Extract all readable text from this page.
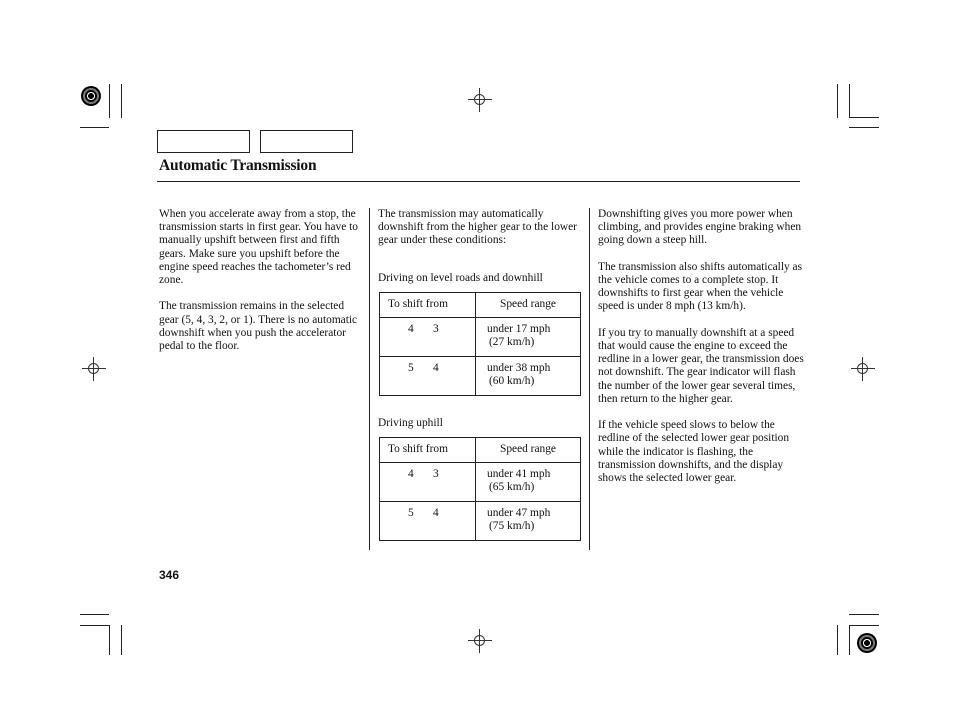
Automatic Transmission

When you accelerate away from a stop, the transmission starts in first gear. You have to manually upshift between first and fifth gears. Make sure you upshift before the engine speed reaches the tachometer’s red zone.

The transmission remains in the selected gear (5, 4, 3, 2, or 1). There is no automatic downshift when you push the accelerator pedal to the floor.

The transmission may automatically downshift from the higher gear to the lower gear under these conditions:

Driving on level roads and downhill
To shift from	Speed range
4 3	under 17 mph
(27 km/h)

5 4	under 38 mph
(60 km/h)
Driving uphill
To shift from	Speed range
4 3	under 41 mph
(65 km/h)

5 4	under 47 mph
(75 km/h)

Downshifting gives you more power when climbing, and provides engine braking when going down a steep hill.

The transmission also shifts automatically as the vehicle comes to a complete stop. It downshifts to first gear when the vehicle speed is under 8 mph (13 km/h).

If you try to manually downshift at a speed that would cause the engine to exceed the redline in a lower gear, the transmission does not downshift. The gear indicator will flash the number of the lower gear several times, then return to the higher gear.

If the vehicle speed slows to below the redline of the selected lower gear position while the indicator is flashing, the transmission downshifts, and the display shows the selected lower gear.

346
